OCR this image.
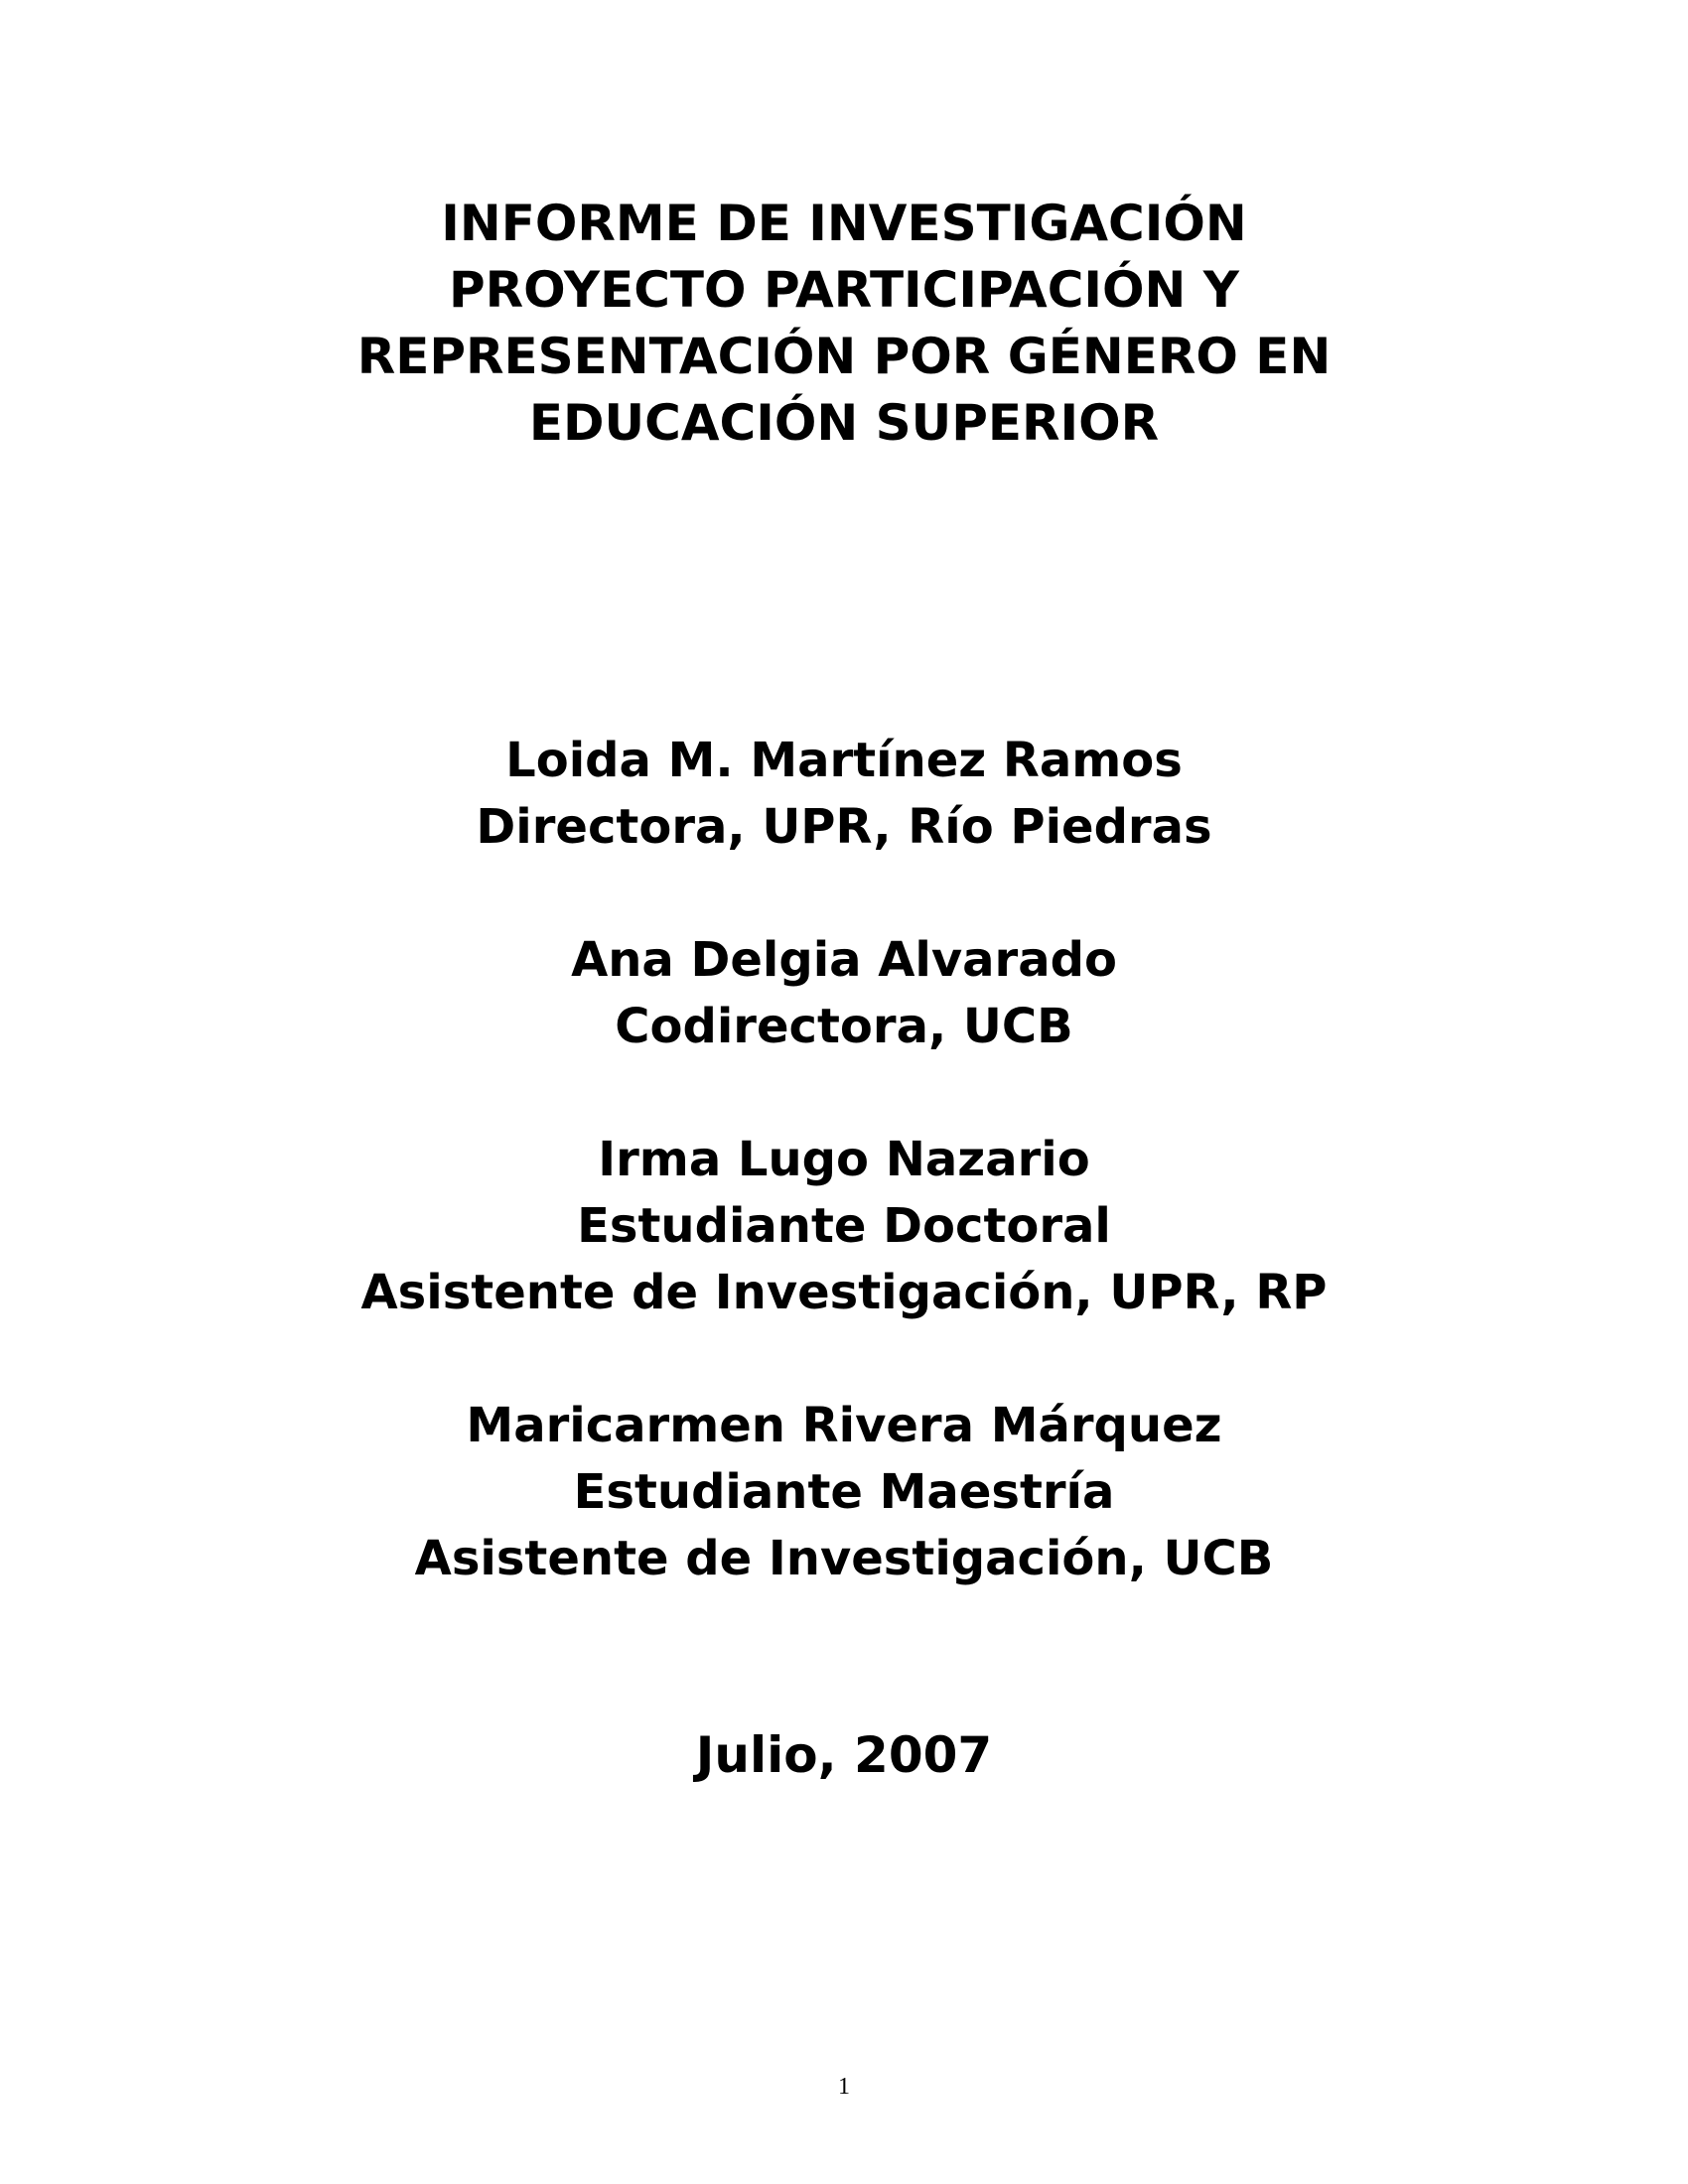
INFORME DE INVESTIGACIÓN
PROYECTO PARTICIPACIÓN Y
REPRESENTACIÓN POR GÉNERO EN
EDUCACIÓN SUPERIOR
Loida M. Martínez Ramos
Directora, UPR, Río Piedras
Ana Delgia Alvarado
Codirectora, UCB
Irma Lugo Nazario
Estudiante Doctoral
Asistente de Investigación, UPR, RP
Maricarmen Rivera Márquez
Estudiante Maestría
Asistente de Investigación, UCB
Julio, 2007
1
